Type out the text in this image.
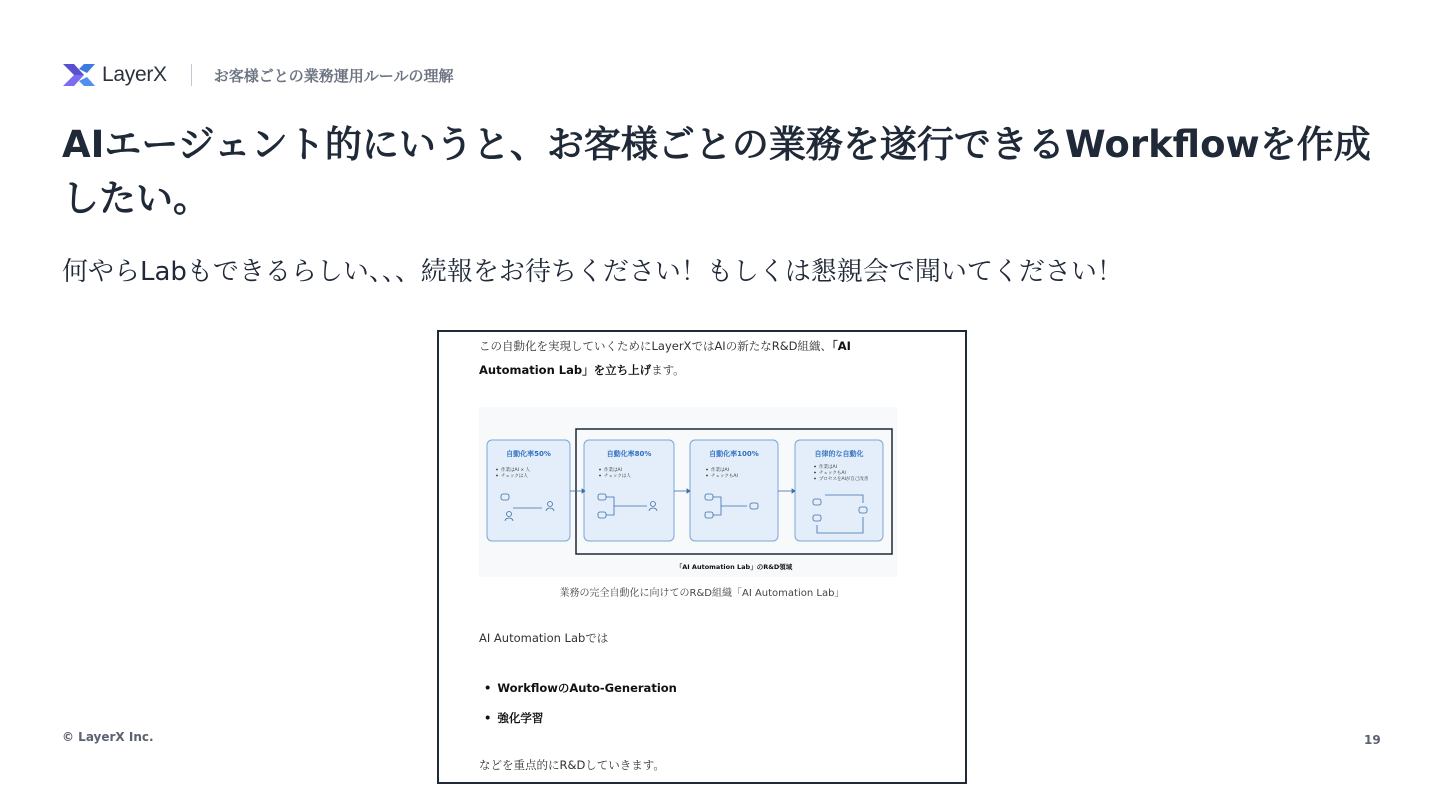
LayerX	お客様ごとの業務運用ルールの理解
AIエージェント的にいうと、お客様ごとの業務を遂行できるWorkflowを作成したい。
何やらLabもできるらしい、、、続報をお待ちください！もしくは懇親会で聞いてください！
この自動化を実現していくためにLayerXではAIの新たなR&D組織、「AI Automation Lab」を立ち上げます。
自動化率50%
作業はAI × 人
チェックは人
自動化率80%
作業はAI
チェックは人
自動化率100%
作業はAI
チェックもAI
自律的な自動化
作業はAI
チェックもAI
プロセスをAIが自己改善
「AI Automation Lab」のR&D領域
業務の完全自動化に向けてのR&D組織「AI Automation Lab」
AI Automation Labでは
• WorkflowのAuto-Generation
• 強化学習
などを重点的にR&Dしていきます。
© LayerX Inc.	19
